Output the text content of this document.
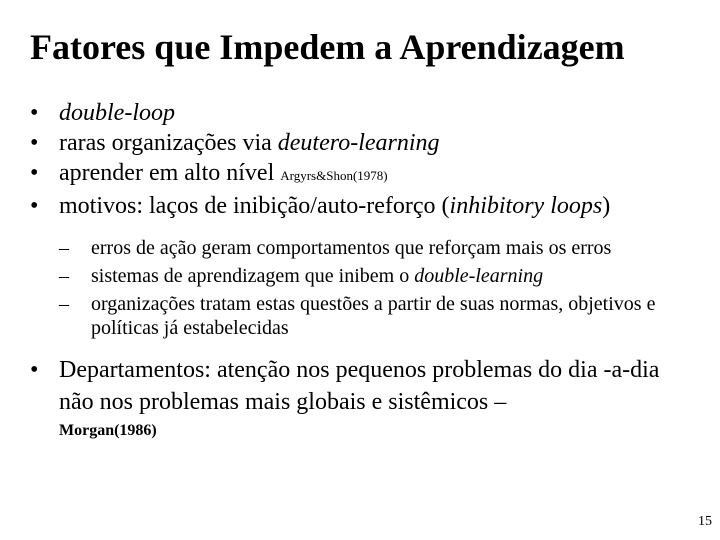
Fatores que Impedem a Aprendizagem
• double-loop
• raras organizações via deutero-learning
• aprender em alto nível Argyrs&Shon(1978)
• motivos: laços de inibição/auto-reforço (inhibitory loops)
– erros de ação geram comportamentos que reforçam mais os erros
– sistemas de aprendizagem que inibem o double-learning
– organizações tratam estas questões a partir de suas normas, objetivos e políticas já estabelecidas
• Departamentos: atenção nos pequenos problemas do dia -a-dia não nos problemas mais globais e sistêmicos –
Morgan(1986)
15
